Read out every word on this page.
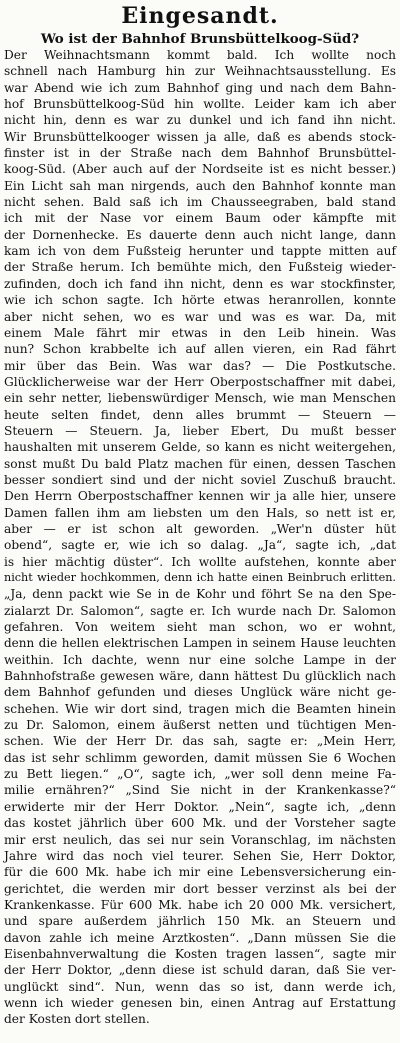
Eingesandt.
Wo ist der Bahnhof Brunsbüttelkoog-Süd?
Der Weihnachtsmann kommt bald. Ich wollte noch
schnell nach Hamburg hin zur Weihnachtsausstellung. Es
war Abend wie ich zum Bahnhof ging und nach dem Bahn-
hof Brunsbüttelkoog-Süd hin wollte. Leider kam ich aber
nicht hin, denn es war zu dunkel und ich fand ihn nicht.
Wir Brunsbüttelkooger wissen ja alle, daß es abends stock-
finster ist in der Straße nach dem Bahnhof Brunsbüttel-
koog-Süd. (Aber auch auf der Nordseite ist es nicht besser.)
Ein Licht sah man nirgends, auch den Bahnhof konnte man
nicht sehen. Bald saß ich im Chausseegraben, bald stand
ich mit der Nase vor einem Baum oder kämpfte mit
der Dornenhecke. Es dauerte denn auch nicht lange, dann
kam ich von dem Fußsteig herunter und tappte mitten auf
der Straße herum. Ich bemühte mich, den Fußsteig wieder-
zufinden, doch ich fand ihn nicht, denn es war stockfinster,
wie ich schon sagte. Ich hörte etwas heranrollen, konnte
aber nicht sehen, wo es war und was es war. Da, mit
einem Male fährt mir etwas in den Leib hinein. Was
nun? Schon krabbelte ich auf allen vieren, ein Rad fährt
mir über das Bein. Was war das? — Die Postkutsche.
Glücklicherweise war der Herr Oberpostschaffner mit dabei,
ein sehr netter, liebenswürdiger Mensch, wie man Menschen
heute selten findet, denn alles brummt — Steuern —
Steuern — Steuern. Ja, lieber Ebert, Du mußt besser
haushalten mit unserem Gelde, so kann es nicht weitergehen,
sonst mußt Du bald Platz machen für einen, dessen Taschen
besser sondiert sind und der nicht soviel Zuschuß braucht.
Den Herrn Oberpostschaffner kennen wir ja alle hier, unsere
Damen fallen ihm am liebsten um den Hals, so nett ist er,
aber — er ist schon alt geworden. „Wer'n düster hüt
obend“, sagte er, wie ich so dalag. „Ja“, sagte ich, „dat
is hier mächtig düster“. Ich wollte aufstehen, konnte aber
nicht wieder hochkommen, denn ich hatte einen Beinbruch erlitten.
„Ja, denn packt wie Se in de Kohr und föhrt Se na den Spe-
zialarzt Dr. Salomon“, sagte er. Ich wurde nach Dr. Salomon
gefahren. Von weitem sieht man schon, wo er wohnt,
denn die hellen elektrischen Lampen in seinem Hause leuchten
weithin. Ich dachte, wenn nur eine solche Lampe in der
Bahnhofstraße gewesen wäre, dann hättest Du glücklich nach
dem Bahnhof gefunden und dieses Unglück wäre nicht ge-
schehen. Wie wir dort sind, tragen mich die Beamten hinein
zu Dr. Salomon, einem äußerst netten und tüchtigen Men-
schen. Wie der Herr Dr. das sah, sagte er: „Mein Herr,
das ist sehr schlimm geworden, damit müssen Sie 6 Wochen
zu Bett liegen.“ „O“, sagte ich, „wer soll denn meine Fa-
milie ernähren?“ „Sind Sie nicht in der Krankenkasse?“
erwiderte mir der Herr Doktor. „Nein“, sagte ich, „denn
das kostet jährlich über 600 Mk. und der Vorsteher sagte
mir erst neulich, das sei nur sein Voranschlag, im nächsten
Jahre wird das noch viel teurer. Sehen Sie, Herr Doktor,
für die 600 Mk. habe ich mir eine Lebensversicherung ein-
gerichtet, die werden mir dort besser verzinst als bei der
Krankenkasse. Für 600 Mk. habe ich 20 000 Mk. versichert,
und spare außerdem jährlich 150 Mk. an Steuern und
davon zahle ich meine Arztkosten“. „Dann müssen Sie die
Eisenbahnverwaltung die Kosten tragen lassen“, sagte mir
der Herr Doktor, „denn diese ist schuld daran, daß Sie ver-
unglückt sind“. Nun, wenn das so ist, dann werde ich,
wenn ich wieder genesen bin, einen Antrag auf Erstattung
der Kosten dort stellen.
